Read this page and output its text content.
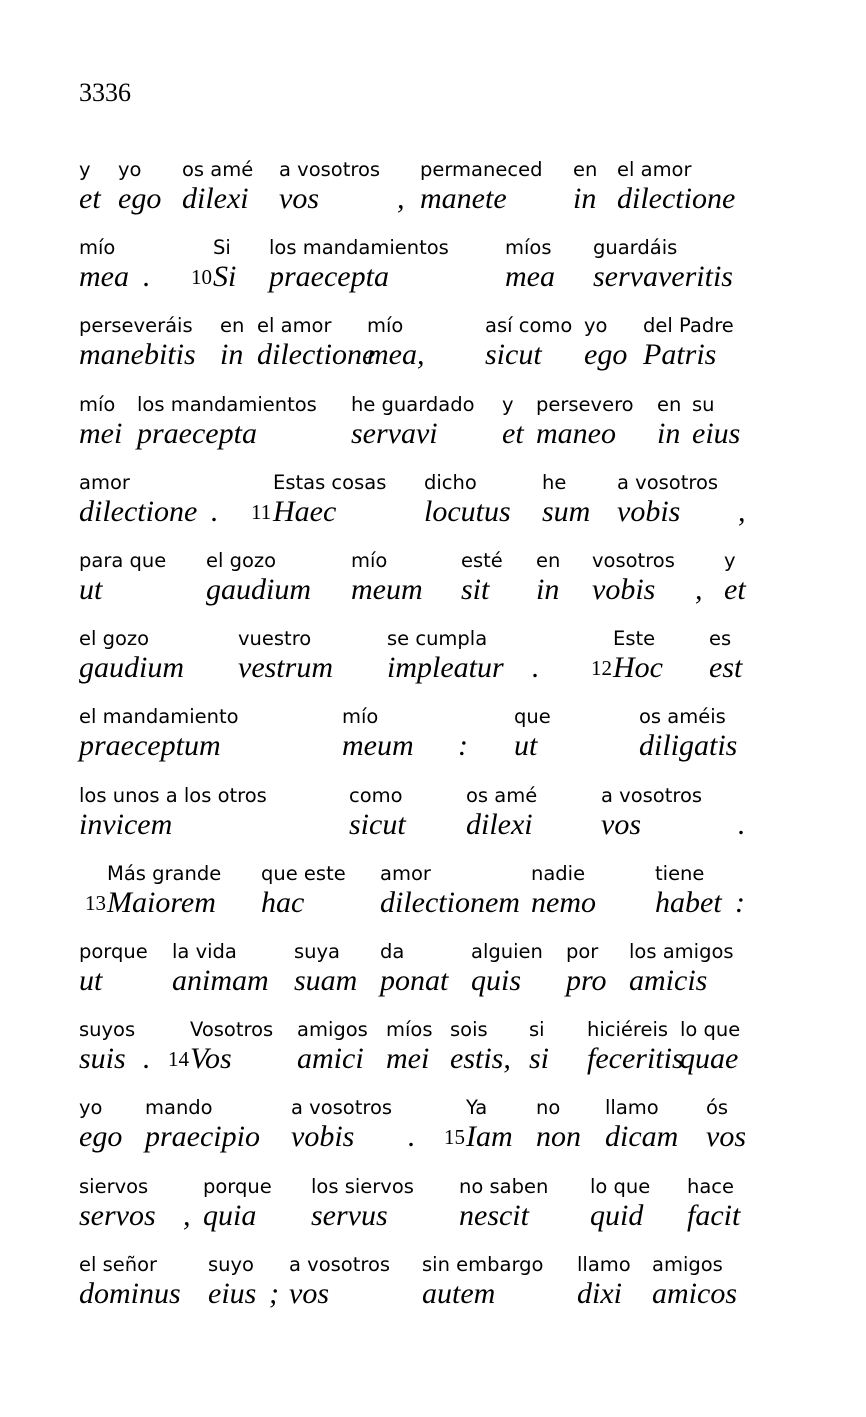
3336
y
et
yo
ego
os amé
dilexi
a vosotros
vos	,
permaneced
manete
en
in
el amor
dilectione
mío
mea . 10
Si
Si
los mandamientos
praecepta
míos
mea
guardáis
servaveritis
perseveráis
manebitis
en
in
el amor
dilectione
mío
mea,
así como
sicut
yo
ego
del Padre
Patris
mío
mei
los mandamientos
praecepta
he guardado
servavi
y
et
persevero
maneo
en
in
su
eius
amor
dilectione . 11
Estas cosas
Haec
dicho
locutus
he
sum
a vosotros
vobis ,
para que
ut
el gozo
gaudium
mío
meum
esté
sit
en
in
vosotros
vobis ,
y
et
el gozo
gaudium
vuestro
vestrum
se cumpla
impleatur . 12
Este
Hoc
es
est
el mandamiento
praeceptum
mío
meum :
que
ut
os améis
diligatis
los unos a los otros
invicem
como
sicut
os amé
dilexi
a vosotros
vos	.
13
Más grande
Maiorem
que este
hac
amor
dilectionem
nadie
nemo
tiene
habet :
porque
ut
la vida
animam
suya
suam
da
ponat
alguien
quis
por
pro
los amigos
amicis
suyos
suis . 14
Vosotros
Vos
amigos
amici
míos
mei
sois
estis,
si
si
hiciéreis
feceritis
lo que
quae
yo
ego
mando
praecipio
a vosotros
vobis . 15
Ya
Iam
no
non
llamo
dicam
ós
vos
siervos
servos ,
porque
quia
los siervos
servus
no saben
nescit
lo que
quid
hace
facit
el señor
dominus
suyo
eius ;
a vosotros
vos
sin embargo
autem
llamo
dixi
amigos
amicos
